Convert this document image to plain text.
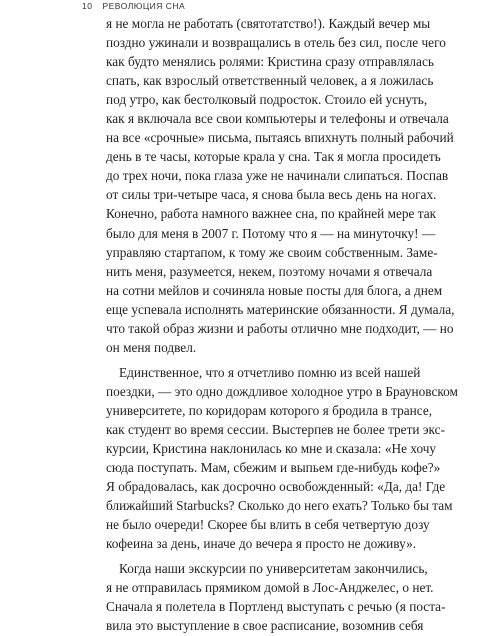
10 РЕВОЛЮЦИЯ СНА
я не могла не работать (святотатство!). Каждый вечер мы
поздно ужинали и возвращались в отель без сил, после чего
как будто менялись ролями: Кристина сразу отправлялась
спать, как взрослый ответственный человек, а я ложилась
под утро, как бестолковый подросток. Стоило ей уснуть,
как я включала все свои компьютеры и телефоны и отвечала
на все «срочные» письма, пытаясь впихнуть полный рабочий
день в те часы, которые крала у сна. Так я могла просидеть
до трех ночи, пока глаза уже не начинали слипаться. Поспав
от силы три-четыре часа, я снова была весь день на ногах.
Конечно, работа намного важнее сна, по крайней мере так
было для меня в 2007 г. Потому что я — на минуточку! —
управляю стартапом, к тому же своим собственным. Заме-
нить меня, разумеется, некем, поэтому ночами я отвечала
на сотни мейлов и сочиняла новые посты для блога, а днем
еще успевала исполнять материнские обязанности. Я думала,
что такой образ жизни и работы отлично мне подходит, — но
он меня подвел.
Единственное, что я отчетливо помню из всей нашей
поездки, — это одно дождливое холодное утро в Брауновском
университете, по коридорам которого я бродила в трансе,
как студент во время сессии. Выстерпев не более трети экс-
курсии, Кристина наклонилась ко мне и сказала: «Не хочу
сюда поступать. Мам, сбежим и выпьем где-нибудь кофе?»
Я обрадовалась, как досрочно освобожденный: «Да, да! Где
ближайший Starbucks? Сколько до него ехать? Только бы там
не было очереди! Скорее бы влить в себя четвертую дозу
кофеина за день, иначе до вечера я просто не доживу».
Когда наши экскурсии по университетам закончились,
я не отправилась прямиком домой в Лос-Анджелес, о нет.
Сначала я полетела в Портленд выступать с речью (я поста-
вила это выступление в свое расписание, возомнив себя
